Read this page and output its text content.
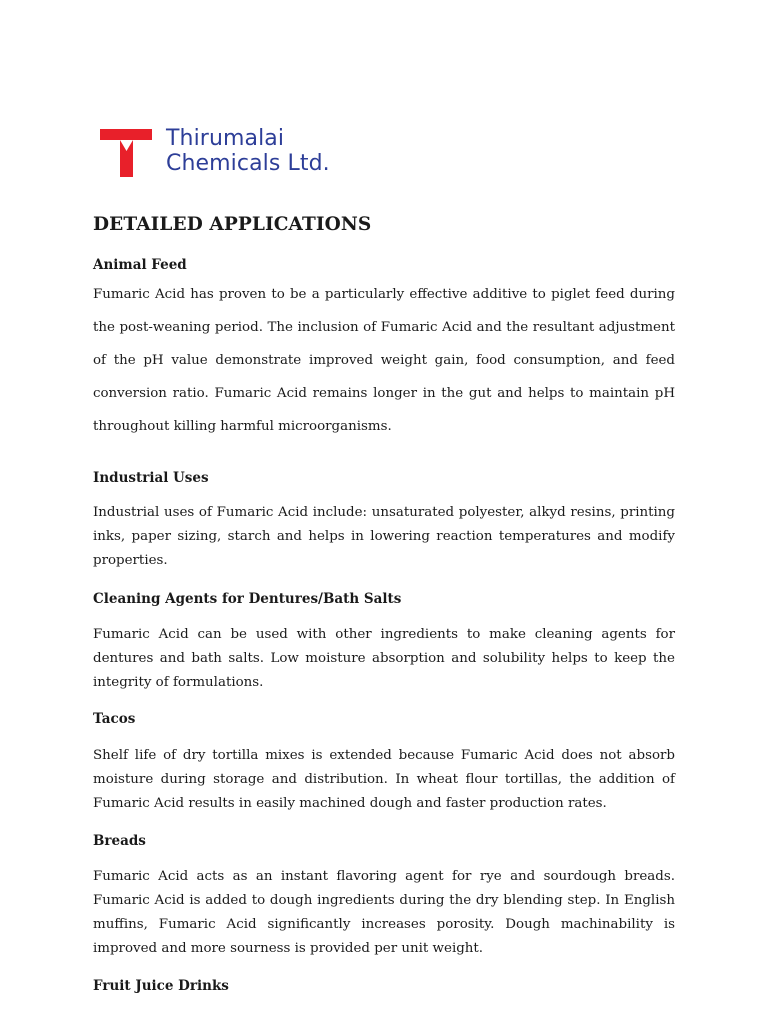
Thirumalai
Chemicals Ltd.
DETAILED APPLICATIONS
Animal Feed

Fumaric Acid has proven to be a particularly effective additive to piglet feed during the post-weaning period. The inclusion of Fumaric Acid and the resultant adjustment of the pH value demonstrate improved weight gain, food consumption, and feed conversion ratio. Fumaric Acid remains longer in the gut and helps to maintain pH throughout killing harmful microorganisms.

Industrial Uses

Industrial uses of Fumaric Acid include: unsaturated polyester, alkyd resins, printing inks, paper sizing, starch and helps in lowering reaction temperatures and modify properties.

Cleaning Agents for Dentures/Bath Salts

Fumaric Acid can be used with other ingredients to make cleaning agents for dentures and bath salts. Low moisture absorption and solubility helps to keep the integrity of formulations.

Tacos

Shelf life of dry tortilla mixes is extended because Fumaric Acid does not absorb moisture during storage and distribution. In wheat flour tortillas, the addition of Fumaric Acid results in easily machined dough and faster production rates.

Breads

Fumaric Acid acts as an instant flavoring agent for rye and sourdough breads. Fumaric Acid is added to dough ingredients during the dry blending step. In English muffins, Fumaric Acid significantly increases porosity. Dough machinability is improved and more sourness is provided per unit weight.

Fruit Juice Drinks
